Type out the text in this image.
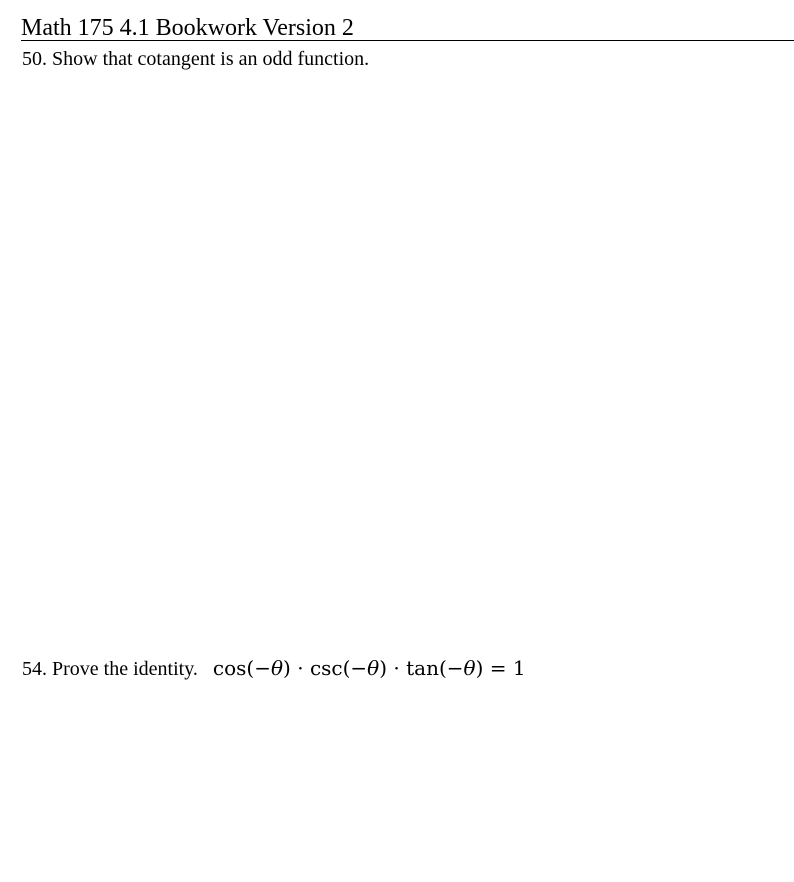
Math 175 4.1 Bookwork Version 2
50. Show that cotangent is an odd function.
54. Prove the identity. cos(−θ) · csc(−θ) · tan(−θ) = 1
